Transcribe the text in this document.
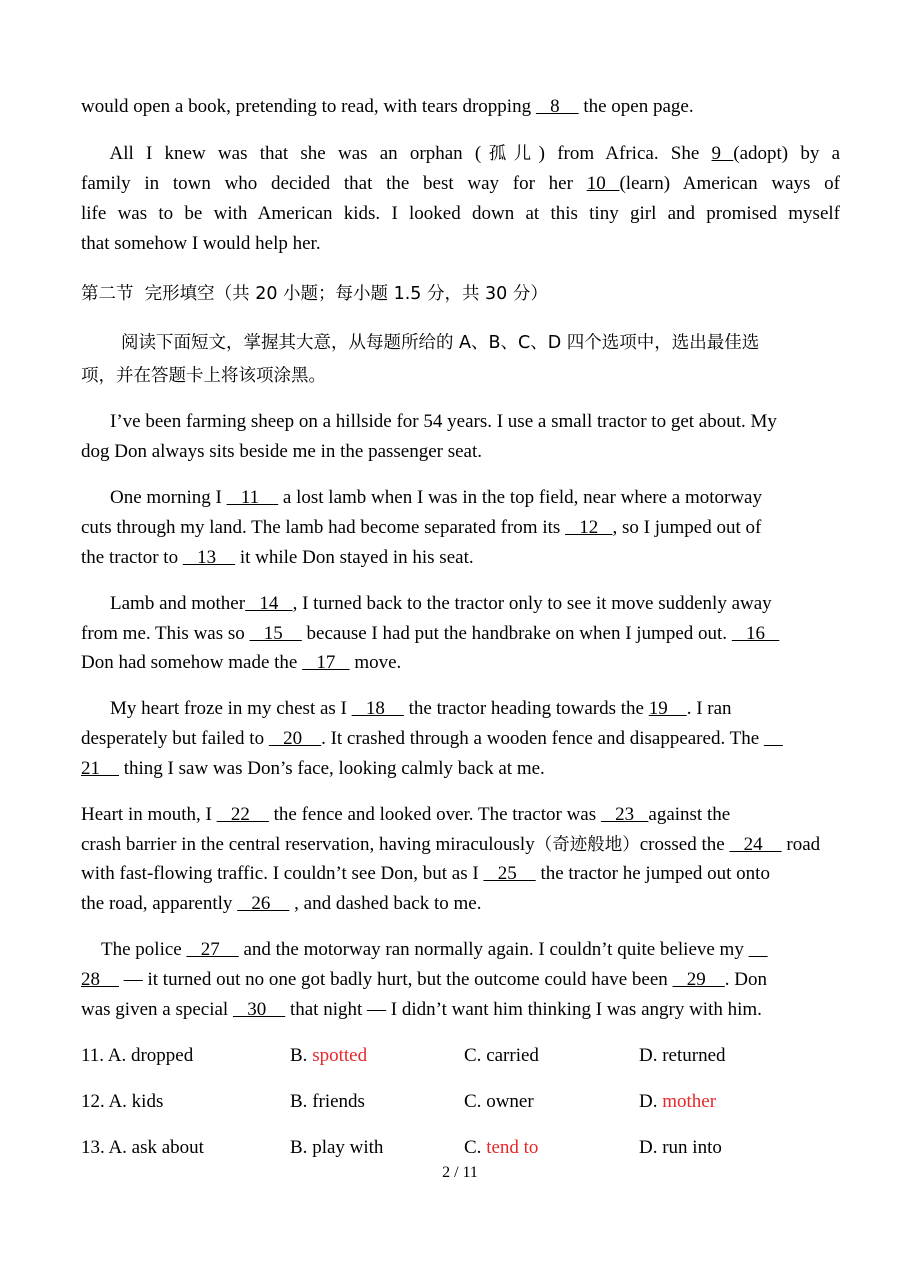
would open a book, pretending to read, with tears dropping    8     the open page.
  All I knew was that she was an orphan (孤儿) from Africa. She 9 (adopt) by a
family in town who decided that the best way for her 10 (learn) American ways of
life was to be with American kids. I looked down at this tiny girl and promised myself
that somehow I would help her.
第二节  完形填空（共 20 小题；每小题 1.5 分，共 30 分）
阅读下面短文，掌握其大意，从每题所给的 A、B、C、D 四个选项中，选出最佳选
项，并在答题卡上将该项涂黑。
I’ve been farming sheep on a hillside for 54 years. I use a small tractor to get about. My
dog Don always sits beside me in the passenger seat.
One morning I    11     a lost lamb when I was in the top field, near where a motorway
cuts through my land. The lamb had become separated from its    12   , so I jumped out of
the tractor to    13     it while Don stayed in his seat.
Lamb and mother   14   , I turned back to the tractor only to see it move suddenly away
from me. This was so    15     because I had put the handbrake on when I jumped out.    16
Don had somehow made the    17    move.
My heart froze in my chest as I    18     the tractor heading towards the 19    . I ran
desperately but failed to    20    . It crashed through a wooden fence and disappeared. The
21     thing I saw was Don’s face, looking calmly back at me.
Heart in mouth, I    22     the fence and looked over. The tractor was    23   against the
crash barrier in the central reservation, having miraculously（奇迹般地）crossed the    24     road
with fast-flowing traffic. I couldn’t see Don, but as I    25     the tractor he jumped out onto
the road, apparently    26     , and dashed back to me.
The police    27     and the motorway ran normally again. I couldn’t quite believe my
28     — it turned out no one got badly hurt, but the outcome could have been    29    . Don
was given a special    30     that night — I didn’t want him thinking I was angry with him.
11. A. dropped	B. spotted	C. carried	D. returned
12. A. kids	B. friends	C. owner	D. mother
13. A. ask about	B. play with	C. tend to	D. run into
2 / 11
